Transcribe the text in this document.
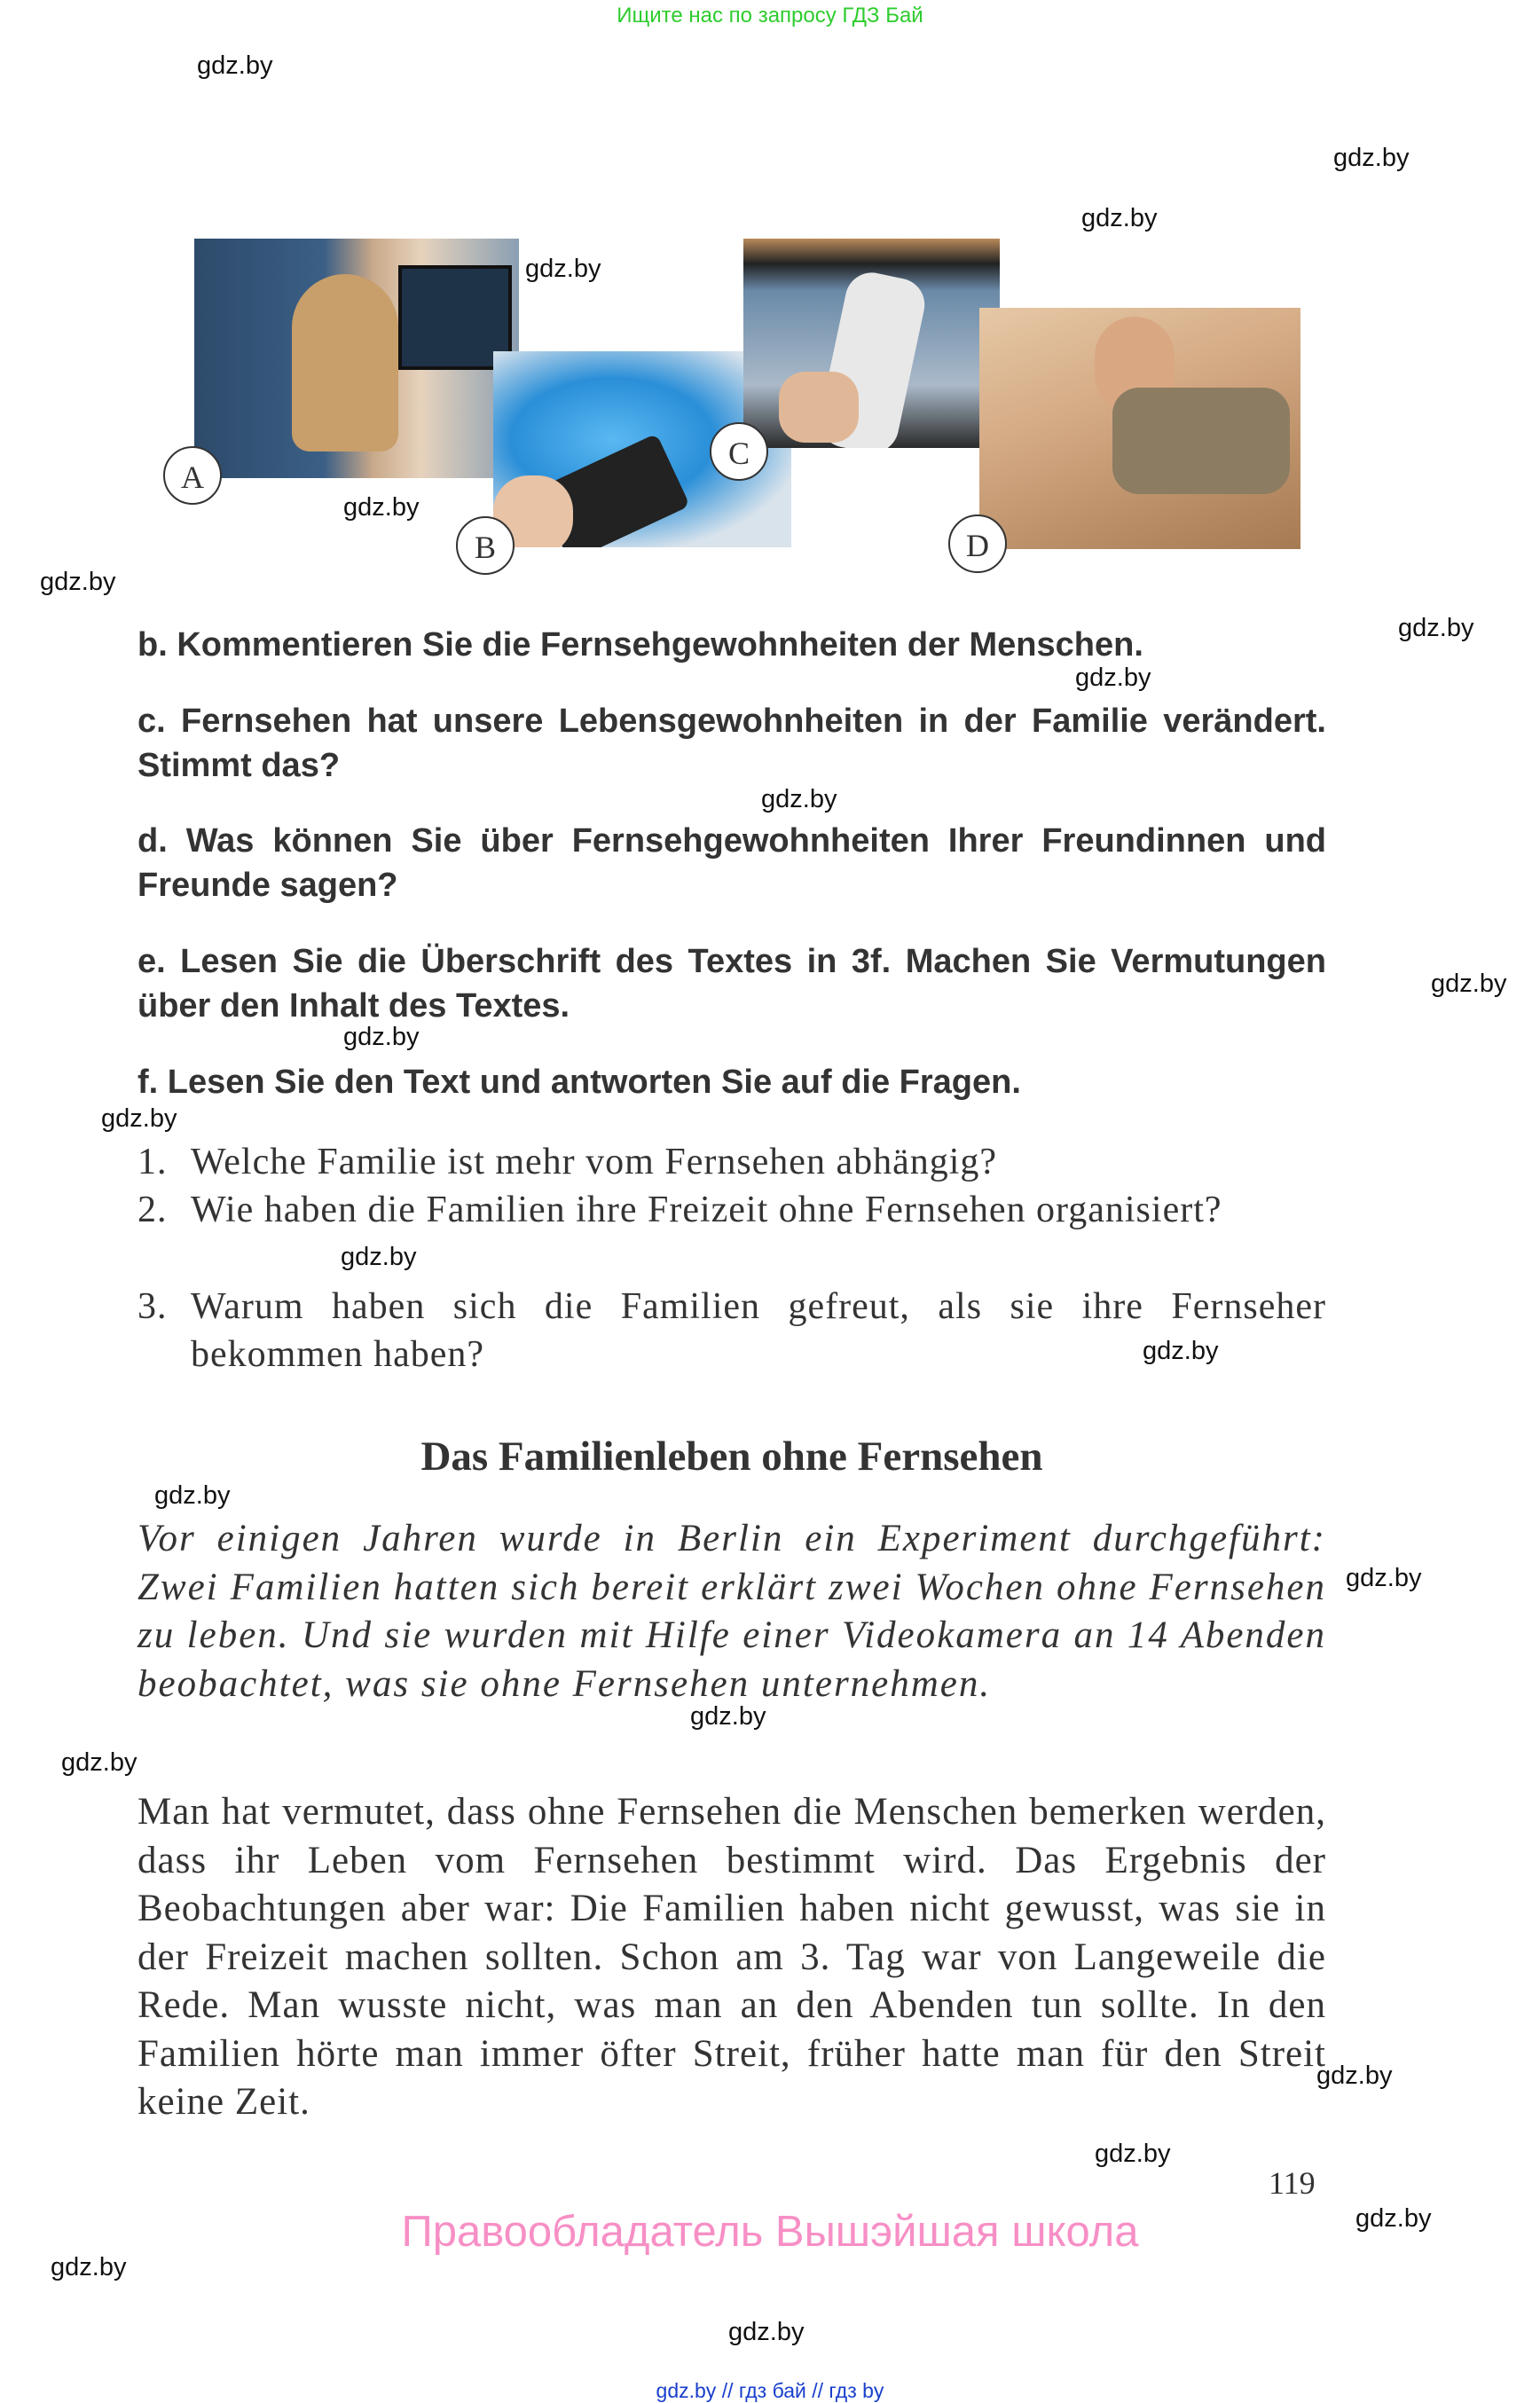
Ищите нас по запросу ГДЗ Бай
A
B
C
D
b. Kommentieren Sie die Fernsehgewohnheiten der Menschen.
c. Fernsehen hat unsere Lebensgewohnheiten in der Familie verändert. Stimmt das?
d. Was können Sie über Fernsehgewohnheiten Ihrer Freundinnen und Freunde sagen?
e. Lesen Sie die Überschrift des Textes in 3f. Machen Sie Vermutungen über den Inhalt des Textes.
f. Lesen Sie den Text und antworten Sie auf die Fragen.
1. Welche Familie ist mehr vom Fernsehen abhängig?
2. Wie haben die Familien ihre Freizeit ohne Fernsehen organisiert?
3. Warum haben sich die Familien gefreut, als sie ihre Fernseher bekommen haben?
Das Familienleben ohne Fernsehen
Vor einigen Jahren wurde in Berlin ein Experiment durchgeführt: Zwei Familien hatten sich bereit erklärt zwei Wochen ohne Fernsehen zu leben. Und sie wurden mit Hilfe einer Videokamera an 14 Abenden beobachtet, was sie ohne Fernsehen unternehmen.
Man hat vermutet, dass ohne Fernsehen die Menschen bemerken werden, dass ihr Leben vom Fernsehen bestimmt wird. Das Ergebnis der Beobachtungen aber war: Die Familien haben nicht gewusst, was sie in der Freizeit machen sollten. Schon am 3. Tag war von Langeweile die Rede. Man wusste nicht, was man an den Abenden tun sollte. In den Familien hörte man immer öfter Streit, früher hatte man für den Streit keine Zeit.
119
Правообладатель Вышэйшая школа
gdz.by // гдз бай // гдз by
gdz.by
gdz.by
gdz.by
gdz.by
gdz.by
gdz.by
gdz.by
gdz.by
gdz.by
gdz.by
gdz.by
gdz.by
gdz.by
gdz.by
gdz.by
gdz.by
gdz.by
gdz.by
gdz.by
gdz.by
gdz.by
gdz.by
gdz.by
